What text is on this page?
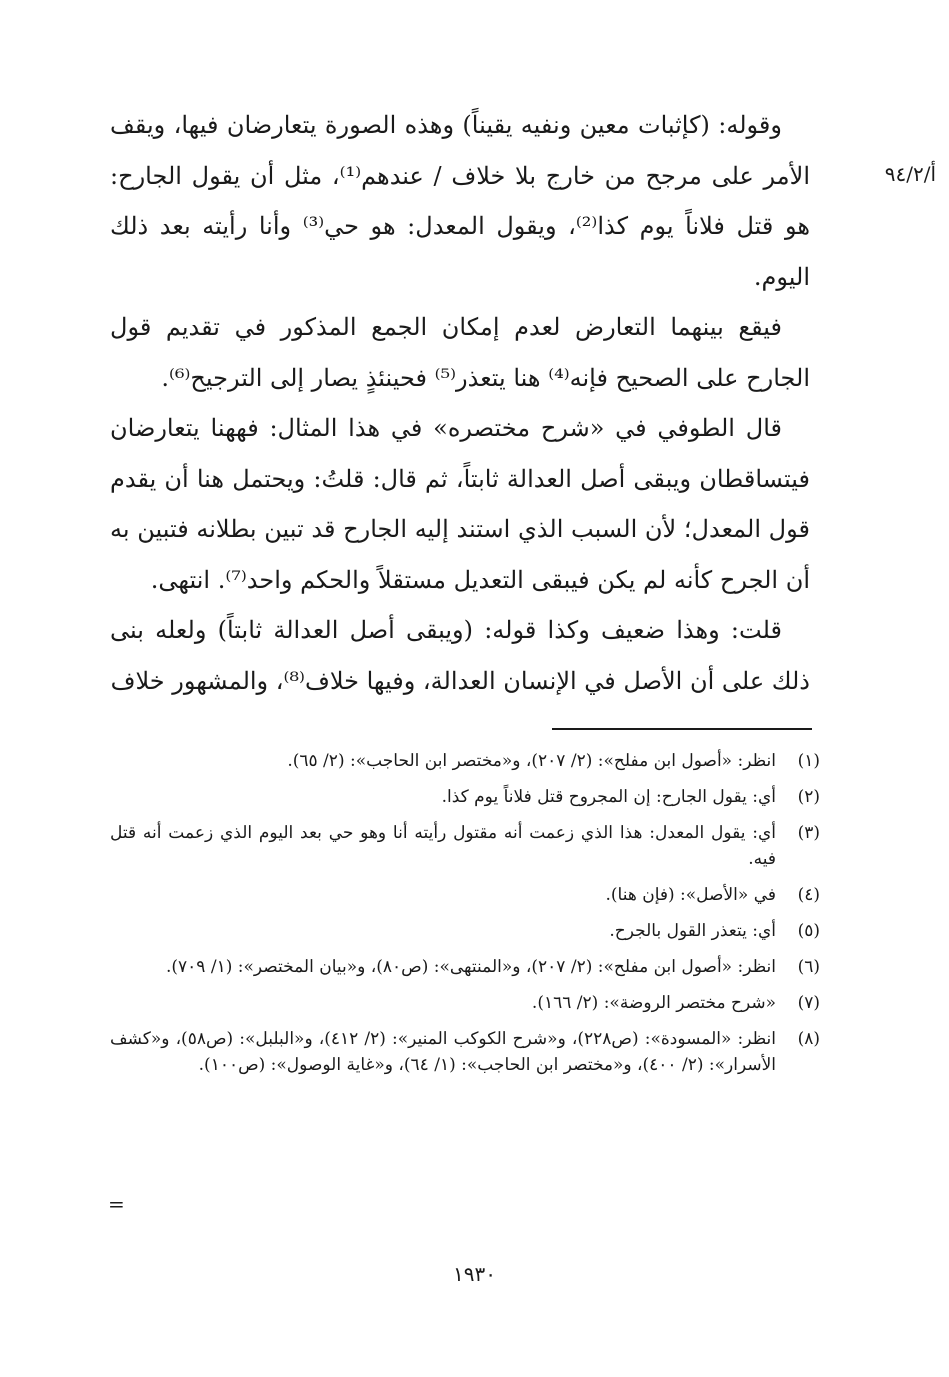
أ/٩٤/٢

وقوله: (كإثبات معين ونفيه يقيناً) وهذه الصورة يتعارضان فيها، ويقف الأمر على مرجح من خارج بلا خلاف / عندهم⁽¹⁾، مثل أن يقول الجارح: هو قتل فلاناً يوم كذا⁽²⁾، ويقول المعدل: هو حي⁽³⁾ وأنا رأيته بعد ذلك اليوم.

فيقع بينهما التعارض لعدم إمكان الجمع المذكور في تقديم قول الجارح على الصحيح فإنه⁽⁴⁾ هنا يتعذر⁽⁵⁾ فحينئذٍ يصار إلى الترجيح⁽⁶⁾.

قال الطوفي في «شرح مختصره» في هذا المثال: فههنا يتعارضان فيتساقطان ويبقى أصل العدالة ثابتاً، ثم قال: قلتُ: ويحتمل هنا أن يقدم قول المعدل؛ لأن السبب الذي استند إليه الجارح قد تبين بطلانه فتبين به أن الجرح كأنه لم يكن فيبقى التعديل مستقلاً والحكم واحد⁽⁷⁾. انتهى.

قلت: وهذا ضعيف وكذا قوله: (ويبقى أصل العدالة ثابتاً) ولعله بنى ذلك على أن الأصل في الإنسان العدالة، وفيها خلاف⁽⁸⁾، والمشهور خلاف

(١)
انظر: «أصول ابن مفلح»: (٢/ ٢٠٧)، و«مختصر ابن الحاجب»: (٢/ ٦٥).
(٢)
أي: يقول الجارح: إن المجروح قتل فلاناً يوم كذا.
(٣)
أي: يقول المعدل: هذا الذي زعمت أنه مقتول رأيته أنا وهو حي بعد اليوم الذي زعمت أنه قتل فيه.
(٤)
في «الأصل»: (فإن هنا).
(٥)
أي: يتعذر القول بالجرح.
(٦)
انظر: «أصول ابن مفلح»: (٢/ ٢٠٧)، و«المنتهى»: (ص٨٠)، و«بيان المختصر»: (١/ ٧٠٩).
(٧)
«شرح مختصر الروضة»: (٢/ ١٦٦).
(٨)
انظر: «المسودة»: (ص٢٢٨)، و«شرح الكوكب المنير»: (٢/ ٤١٢)، و«البلبل»: (ص٥٨)، و«كشف الأسرار»: (٢/ ٤٠٠)، و«مختصر ابن الحاجب»: (١/ ٦٤)، و«غاية الوصول»: (ص١٠٠).
=
١٩٣٠
